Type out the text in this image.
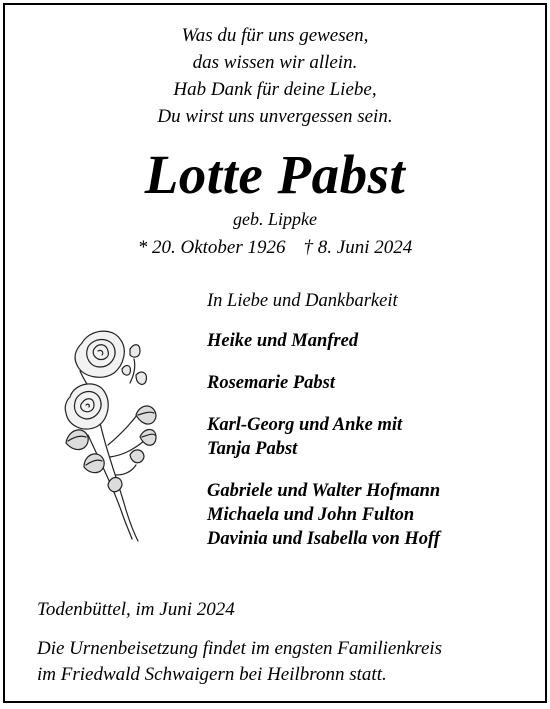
Was du für uns gewesen,
das wissen wir allein.
Hab Dank für deine Liebe,
Du wirst uns unvergessen sein.
Lotte Pabst
geb. Lippke
* 20. Oktober 1926 † 8. Juni 2024
In Liebe und Dankbarkeit
Heike und Manfred
Rosemarie Pabst
Karl-Georg und Anke mit
Tanja Pabst
Gabriele und Walter Hofmann
Michaela und John Fulton
Davinia und Isabella von Hoff
Todenbüttel, im Juni 2024
Die Urnenbeisetzung findet im engsten Familienkreis
im Friedwald Schwaigern bei Heilbronn statt.
